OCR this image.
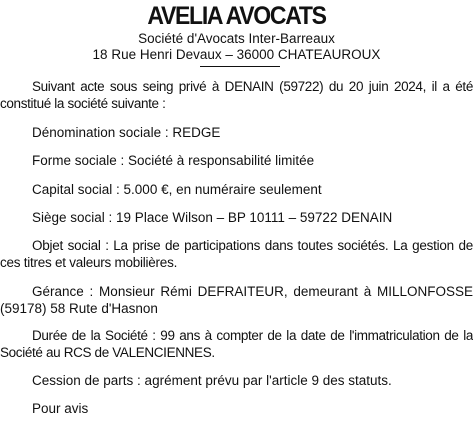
AVELIA AVOCATS
Société d'Avocats Inter-Barreaux
18 Rue Henri Devaux – 36000 CHATEAUROUX
Suivant acte sous seing privé à DENAIN (59722) du 20 juin 2024, il a été constitué la société suivante :
Dénomination sociale : REDGE
Forme sociale : Société à responsabilité limitée
Capital social : 5.000 €, en numéraire seulement
Siège social : 19 Place Wilson – BP 10111 – 59722 DENAIN
Objet social : La prise de participations dans toutes sociétés. La gestion de ces titres et valeurs mobilières.
Gérance : Monsieur Rémi DEFRAITEUR, demeurant à MILLONFOSSE (59178) 58 Rute d'Hasnon
Durée de la Société : 99 ans à compter de la date de l'immatriculation de la Société au RCS de VALENCIENNES.
Cession de parts : agrément prévu par l'article 9 des statuts.
Pour avis
